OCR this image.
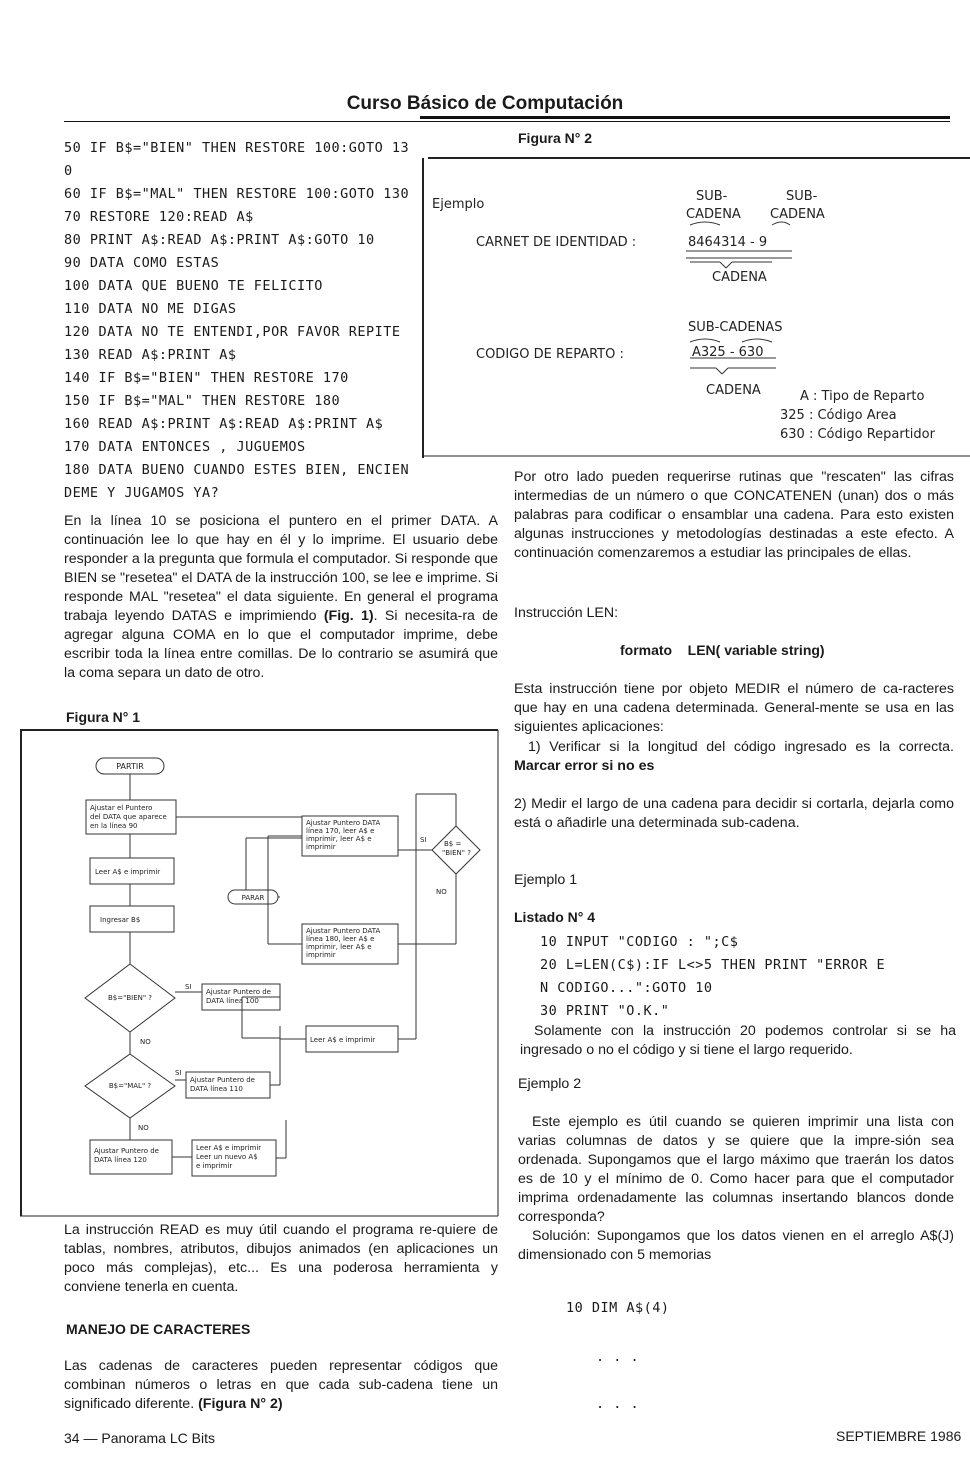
Curso Básico de Computación
50 IF B$="BIEN" THEN RESTORE 100:GOTO 13
0
60 IF B$="MAL" THEN RESTORE 100:GOTO 130
70 RESTORE 120:READ A$
80 PRINT A$:READ A$:PRINT A$:GOTO 10
90 DATA COMO ESTAS
100 DATA QUE BUENO TE FELICITO
110 DATA NO ME DIGAS
120 DATA NO TE ENTENDI,POR FAVOR REPITE
130 READ A$:PRINT A$
140 IF B$="BIEN" THEN RESTORE 170
150 IF B$="MAL" THEN RESTORE 180
160 READ A$:PRINT A$:READ A$:PRINT A$
170 DATA ENTONCES , JUGUEMOS
180 DATA BUENO CUANDO ESTES BIEN, ENCIEN
DEME Y JUGAMOS YA?
En la línea 10 se posiciona el puntero en el primer DATA. A continuación lee lo que hay en él y lo imprime. El usuario debe responder a la pregunta que formula el computador. Si responde que BIEN se "resetea" el DATA de la instrucción 100, se lee e imprime. Si responde MAL "resetea" el data siguiente. En general el programa trabaja leyendo DATAS e imprimiendo (Fig. 1). Si necesita-ra de agregar alguna COMA en lo que el computador imprime, debe escribir toda la línea entre comillas. De lo contrario se asumirá que la coma separa un dato de otro.
Figura N° 1
PARTIR
Ajustar el Puntero del DATA que aparece en la línea 90
Leer A$ e imprimir
Ingresar B$
B$="BIEN" ?
SI
Ajustar Puntero de DATA línea 100
NO
B$="MAL" ?
SI
Ajustar Puntero de DATA línea 110
NO
Ajustar Puntero de DATA línea 120
Leer A$ e imprimir Leer un nuevo A$ e imprimir
PARAR
Ajustar Puntero DATA línea 170, leer A$ e imprimir, leer A$ e imprimir
Ajustar Puntero DATA línea 180, leer A$ e imprimir, leer A$ e imprimir
Leer A$ e imprimir
B$ = "BIEN" ?
SI
NO
La instrucción READ es muy útil cuando el programa re-quiere de tablas, nombres, atributos, dibujos animados (en aplicaciones un poco más complejas), etc... Es una poderosa herramienta y conviene tenerla en cuenta.
MANEJO DE CARACTERES
Las cadenas de caracteres pueden representar códigos que combinan números o letras en que cada sub-cadena tiene un significado diferente. (Figura N° 2)
Figura N° 2
Ejemplo
SUB-	SUB-
CADENA CADENA
CARNET DE IDENTIDAD :	8464314 - 9
CADENA
SUB-CADENAS
CODIGO DE REPARTO :	A325 - 630
CADENA	A : Tipo de Reparto
325 : Código Area
630 : Código Repartidor
Por otro lado pueden requerirse rutinas que "rescaten" las cifras intermedias de un número o que CONCATENEN (unan) dos o más palabras para codificar o ensamblar una cadena. Para esto existen algunas instrucciones y metodologías destinadas a este efecto. A continuación comenzaremos a estudiar las principales de ellas.
Instrucción LEN:
formato    LEN( variable string)
Esta instrucción tiene por objeto MEDIR el número de ca-racteres que hay en una cadena determinada. General-mente se usa en las siguientes aplicaciones:
1) Verificar si la longitud del código ingresado es la correcta. Marcar error si no es
2) Medir el largo de una cadena para decidir si cortarla, dejarla como está o añadirle una determinada sub-cadena.
Ejemplo 1
Listado N° 4
10 INPUT "CODIGO : ";C$
20 L=LEN(C$):IF L<>5 THEN PRINT "ERROR E
N CODIGO...":GOTO 10
30 PRINT "O.K."
Solamente con la instrucción 20 podemos controlar si se ha ingresado o no el código y si tiene el largo requerido.
Ejemplo 2
Este ejemplo es útil cuando se quieren imprimir una lista con varias columnas de datos y se quiere que la impre-sión sea ordenada. Supongamos que el largo máximo que traerán los datos es de 10 y el mínimo de 0. Como hacer para que el computador imprima ordenadamente las columnas insertando blancos donde corresponda?
Solución: Supongamos que los datos vienen en el arreglo A$(J) dimensionado con 5 memorias
10 DIM A$(4)
. . .
. . .
34 — Panorama LC Bits	SEPTIEMBRE 1986
